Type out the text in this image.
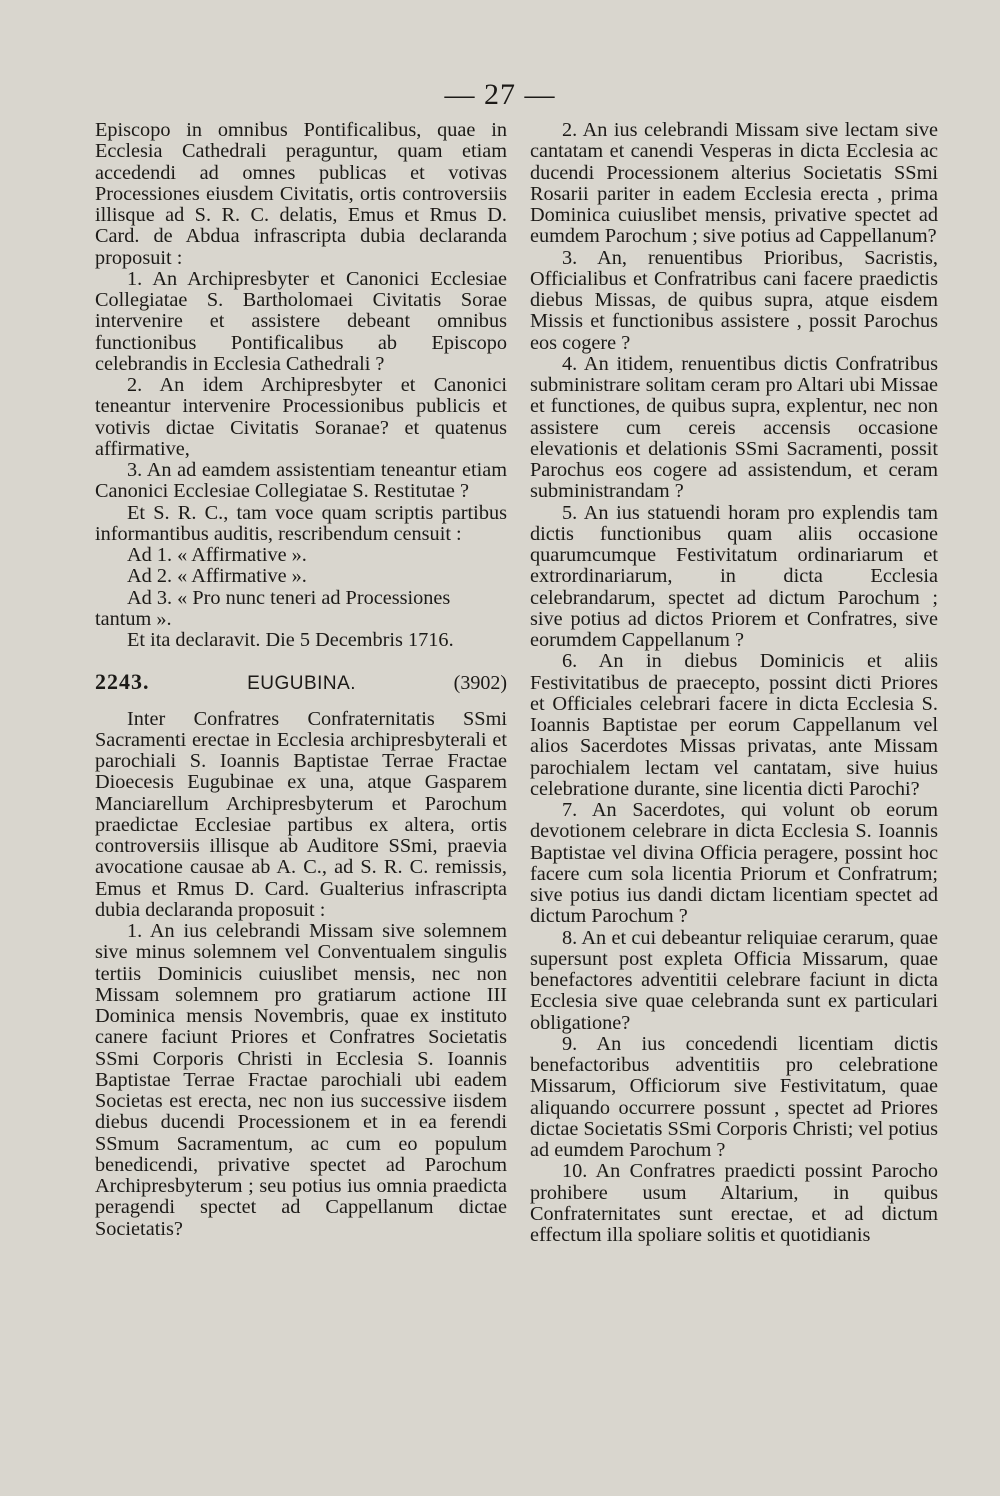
— 27 —

Episcopo in omnibus Pontificalibus, quae in Ecclesia Cathedrali peraguntur, quam etiam accedendi ad omnes publicas et votivas Processiones eiusdem Civitatis, ortis controversiis illisque ad S. R. C. delatis, Emus et Rmus D. Card. de Abdua infrascripta dubia declaranda proposuit :

1. An Archipresbyter et Canonici Ecclesiae Collegiatae S. Bartholomaei Civitatis Sorae intervenire et assistere debeant omnibus functionibus Pontificalibus ab Episcopo celebrandis in Ecclesia Cathedrali ?

2. An idem Archipresbyter et Canonici teneantur intervenire Processionibus publicis et votivis dictae Civitatis Soranae? et quatenus affirmative,

3. An ad eamdem assistentiam teneantur etiam Canonici Ecclesiae Collegiatae S. Restitutae ?

Et S. R. C., tam voce quam scriptis partibus informantibus auditis, rescribendum censuit :

Ad 1. « Affirmative ».

Ad 2. « Affirmative ».

Ad 3. « Pro nunc teneri ad Processiones tantum ».

Et ita declaravit. Die 5 Decembris 1716.

2243.	EUGUBINA.	(3902)

Inter Confratres Confraternitatis SSmi Sacramenti erectae in Ecclesia archipresbyterali et parochiali S. Ioannis Baptistae Terrae Fractae Dioecesis Eugubinae ex una, atque Gasparem Manciarellum Archipresbyterum et Parochum praedictae Ecclesiae partibus ex altera, ortis controversiis illisque ab Auditore SSmi, praevia avocatione causae ab A. C., ad S. R. C. remissis, Emus et Rmus D. Card. Gualterius infrascripta dubia declaranda proposuit :

1. An ius celebrandi Missam sive solemnem sive minus solemnem vel Conventualem singulis tertiis Dominicis cuiuslibet mensis, nec non Missam solemnem pro gratiarum actione III Dominica mensis Novembris, quae ex instituto canere faciunt Priores et Confratres Societatis SSmi Corporis Christi in Ecclesia S. Ioannis Baptistae Terrae Fractae parochiali ubi eadem Societas est erecta, nec non ius successive iisdem diebus ducendi Processionem et in ea ferendi SSmum Sacramentum, ac cum eo populum benedicendi, privative spectet ad Parochum Archipresbyterum ; seu potius ius omnia praedicta peragendi spectet ad Cappellanum dictae Societatis?

2. An ius celebrandi Missam sive lectam sive cantatam et canendi Vesperas in dicta Ecclesia ac ducendi Processionem alterius Societatis SSmi Rosarii pariter in eadem Ecclesia erecta , prima Dominica cuiuslibet mensis, privative spectet ad eumdem Parochum ; sive potius ad Cappellanum?

3. An, renuentibus Prioribus, Sacristis, Officialibus et Confratribus cani facere praedictis diebus Missas, de quibus supra, atque eisdem Missis et functionibus assistere , possit Parochus eos cogere ?

4. An itidem, renuentibus dictis Confratribus subministrare solitam ceram pro Altari ubi Missae et functiones, de quibus supra, explentur, nec non assistere cum cereis accensis occasione elevationis et delationis SSmi Sacramenti, possit Parochus eos cogere ad assistendum, et ceram subministrandam ?

5. An ius statuendi horam pro explendis tam dictis functionibus quam aliis occasione quarumcumque Festivitatum ordinariarum et extrordinariarum, in dicta Ecclesia celebrandarum, spectet ad dictum Parochum ; sive potius ad dictos Priorem et Confratres, sive eorumdem Cappellanum ?

6. An in diebus Dominicis et aliis Festivitatibus de praecepto, possint dicti Priores et Officiales celebrari facere in dicta Ecclesia S. Ioannis Baptistae per eorum Cappellanum vel alios Sacerdotes Missas privatas, ante Missam parochialem lectam vel cantatam, sive huius celebratione durante, sine licentia dicti Parochi?

7. An Sacerdotes, qui volunt ob eorum devotionem celebrare in dicta Ecclesia S. Ioannis Baptistae vel divina Officia peragere, possint hoc facere cum sola licentia Priorum et Confratrum; sive potius ius dandi dictam licentiam spectet ad dictum Parochum ?

8. An et cui debeantur reliquiae cerarum, quae supersunt post expleta Officia Missarum, quae benefactores adventitii celebrare faciunt in dicta Ecclesia sive quae celebranda sunt ex particulari obligatione?

9. An ius concedendi licentiam dictis benefactoribus adventitiis pro celebratione Missarum, Officiorum sive Festivitatum, quae aliquando occurrere possunt , spectet ad Priores dictae Societatis SSmi Corporis Christi; vel potius ad eumdem Parochum ?

10. An Confratres praedicti possint Parocho prohibere usum Altarium, in quibus Confraternitates sunt erectae, et ad dictum effectum illa spoliare solitis et quotidianis
